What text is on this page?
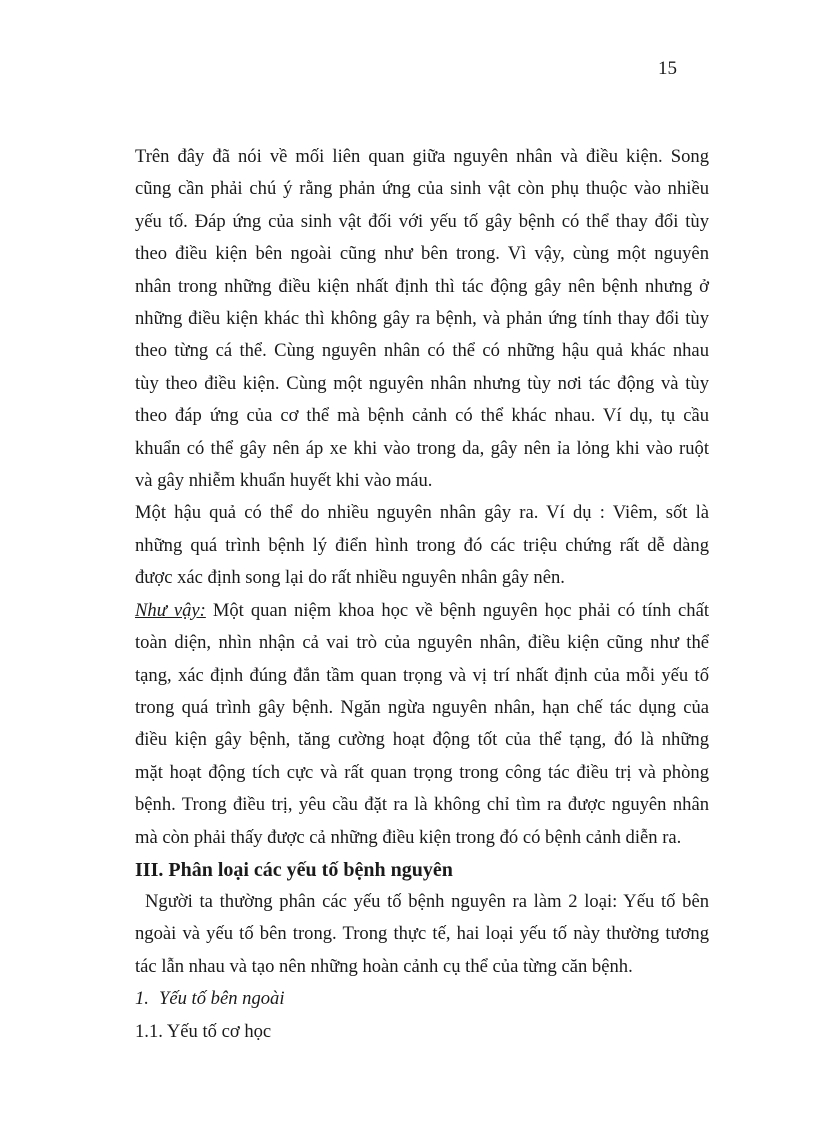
15

Trên đây đã nói về mối liên quan giữa nguyên nhân và điều kiện. Song

cũng cần phải chú ý rằng phản ứng của sinh vật còn phụ thuộc vào nhiều

yếu tố. Đáp ứng của sinh vật đối với yếu tố gây bệnh có thể thay đổi tùy

theo điều kiện bên ngoài cũng như bên trong. Vì vậy, cùng một nguyên

nhân trong những điều kiện nhất định thì tác động gây nên bệnh nhưng ở

những điều kiện khác thì không gây ra bệnh, và phản ứng tính thay đổi tùy

theo từng cá thể. Cùng nguyên nhân có thể có những hậu quả khác nhau

tùy theo điều kiện. Cùng một nguyên nhân nhưng tùy nơi tác động và tùy

theo đáp ứng của cơ thể mà bệnh cảnh có thể khác nhau. Ví dụ, tụ cầu

khuẩn có thể gây nên áp xe khi vào trong da, gây nên ỉa lỏng khi vào ruột

và gây nhiễm khuẩn huyết khi vào máu.

Một hậu quả có thể do nhiều nguyên nhân gây ra. Ví dụ : Viêm, sốt là

những quá trình bệnh lý điển hình trong đó các triệu chứng rất dễ dàng

được xác định song lại do rất nhiều nguyên nhân gây nên.

Như vậy: Một quan niệm khoa học về bệnh nguyên học phải có tính chất

toàn diện, nhìn nhận cả vai trò của nguyên nhân, điều kiện cũng như thể

tạng, xác định đúng đắn tầm quan trọng và vị trí nhất định của mỗi yếu tố

trong quá trình gây bệnh. Ngăn ngừa nguyên nhân, hạn chế tác dụng của

điều kiện gây bệnh, tăng cường hoạt động tốt của thể tạng, đó là những

mặt hoạt động tích cực và rất quan trọng trong công tác điều trị và phòng

bệnh. Trong điều trị, yêu cầu đặt ra là không chỉ tìm ra được nguyên nhân

mà còn phải thấy được cả những điều kiện trong đó có bệnh cảnh diễn ra.

III. Phân loại các yếu tố bệnh nguyên

Người ta thường phân các yếu tố bệnh nguyên ra làm 2 loại: Yếu tố bên

ngoài và yếu tố bên trong. Trong thực tế, hai loại yếu tố này thường tương

tác lẫn nhau và tạo nên những hoàn cảnh cụ thể của từng căn bệnh.

1. Yếu tố bên ngoài

1.1. Yếu tố cơ học
